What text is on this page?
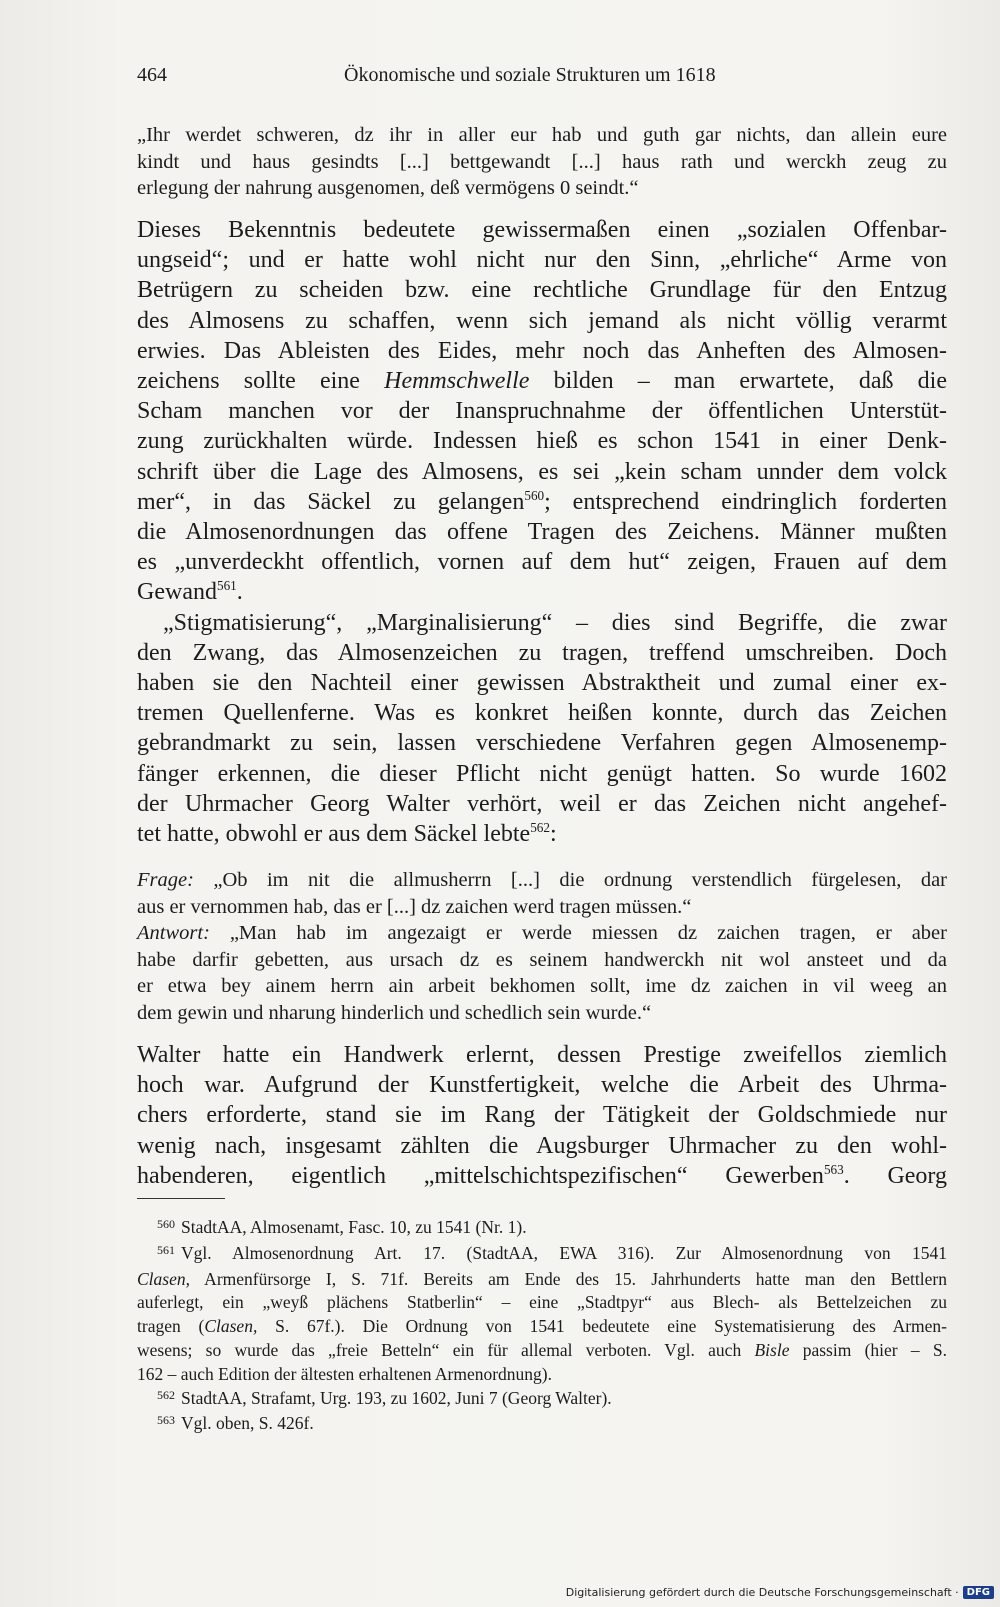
464	Ökonomische und soziale Strukturen um 1618
„Ihr werdet schweren, dz ihr in aller eur hab und guth gar nichts, dan allein eure
kindt und haus gesindts [...] bettgewandt [...] haus rath und werckh zeug zu
erlegung der nahrung ausgenomen, deß vermögens 0 seindt.“
Dieses Bekenntnis bedeutete gewissermaßen einen „sozialen Offenbar-
ungseid“; und er hatte wohl nicht nur den Sinn, „ehrliche“ Arme von
Betrügern zu scheiden bzw. eine rechtliche Grundlage für den Entzug
des Almosens zu schaffen, wenn sich jemand als nicht völlig verarmt
erwies. Das Ableisten des Eides, mehr noch das Anheften des Almosen-
zeichens sollte eine Hemmschwelle bilden – man erwartete, daß die
Scham manchen vor der Inanspruchnahme der öffentlichen Unterstüt-
zung zurückhalten würde. Indessen hieß es schon 1541 in einer Denk-
schrift über die Lage des Almosens, es sei „kein scham unnder dem volck
mer“, in das Säckel zu gelangen$^{560}$; entsprechend eindringlich forderten
die Almosenordnungen das offene Tragen des Zeichens. Männer mußten
es „unverdeckht offentlich, vornen auf dem hut“ zeigen, Frauen auf dem
Gewand$^{561}$.
„Stigmatisierung“, „Marginalisierung“ – dies sind Begriffe, die zwar
den Zwang, das Almosenzeichen zu tragen, treffend umschreiben. Doch
haben sie den Nachteil einer gewissen Abstraktheit und zumal einer ex-
tremen Quellenferne. Was es konkret heißen konnte, durch das Zeichen
gebrandmarkt zu sein, lassen verschiedene Verfahren gegen Almosenemp-
fänger erkennen, die dieser Pflicht nicht genügt hatten. So wurde 1602
der Uhrmacher Georg Walter verhört, weil er das Zeichen nicht angehef-
tet hatte, obwohl er aus dem Säckel lebte$^{562}$:
Frage: „Ob im nit die allmusherrn [...] die ordnung verstendlich fürgelesen, dar
aus er vernommen hab, das er [...] dz zaichen werd tragen müssen.“
Antwort: „Man hab im angezaigt er werde miessen dz zaichen tragen, er aber
habe darfir gebetten, aus ursach dz es seinem handwerckh nit wol ansteet und da
er etwa bey ainem herrn ain arbeit bekhomen sollt, ime dz zaichen in vil weeg an
dem gewin und nharung hinderlich und schedlich sein wurde.“
Walter hatte ein Handwerk erlernt, dessen Prestige zweifellos ziemlich
hoch war. Aufgrund der Kunstfertigkeit, welche die Arbeit des Uhrma-
chers erforderte, stand sie im Rang der Tätigkeit der Goldschmiede nur
wenig nach, insgesamt zählten die Augsburger Uhrmacher zu den wohl-
habenderen, eigentlich „mittelschichtspezifischen“ Gewerben$^{563}$. Georg
$^{560}$ StadtAA, Almosenamt, Fasc. 10, zu 1541 (Nr. 1).
$^{561}$ Vgl. Almosenordnung Art. 17. (StadtAA, EWA 316). Zur Almosenordnung von 1541
Clasen, Armenfürsorge I, S. 71f. Bereits am Ende des 15. Jahrhunderts hatte man den Bettlern
auferlegt, ein „weyß plächens Statberlin“ – eine „Stadtpyr“ aus Blech- als Bettelzeichen zu
tragen (Clasen, S. 67f.). Die Ordnung von 1541 bedeutete eine Systematisierung des Armen-
wesens; so wurde das „freie Betteln“ ein für allemal verboten. Vgl. auch Bisle passim (hier – S.
162 – auch Edition der ältesten erhaltenen Armenordnung).
$^{562}$ StadtAA, Strafamt, Urg. 193, zu 1602, Juni 7 (Georg Walter).
$^{563}$ Vgl. oben, S. 426f.
Digitalisierung gefördert durch die Deutsche Forschungsgemeinschaft · DFG
